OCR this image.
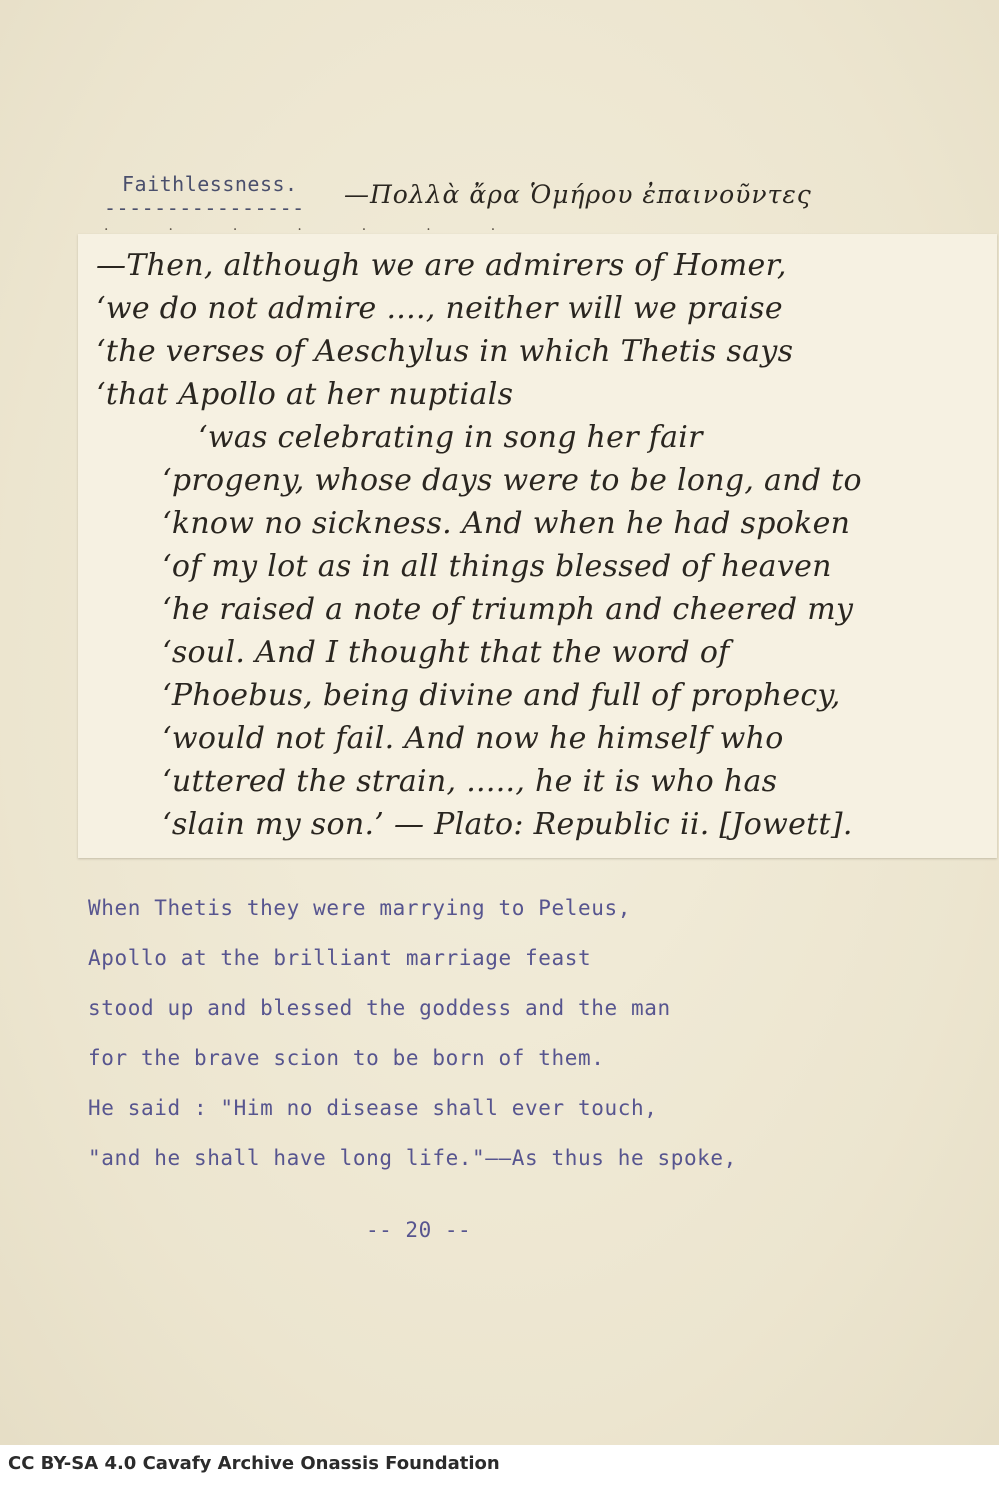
Faithlessness.
---------------- —Πολλὰ ἄρα Ὁμήρου ἐπαινοῦντες
·······
—Then, although we are admirers of Homer,
‘we do not admire ...., neither will we praise
‘the verses of Aeschylus in which Thetis says
‘that Apollo at her nuptials
‘was celebrating in song her fair
‘progeny, whose days were to be long, and to
‘know no sickness. And when he had spoken
‘of my lot as in all things blessed of heaven
‘he raised a note of triumph and cheered my
‘soul. And I thought that the word of
‘Phoebus, being divine and full of prophecy,
‘would not fail. And now he himself who
‘uttered the strain, ....., he it is who has
‘slain my son.’ — Plato: Republic ii. [Jowett].
When Thetis they were marrying to Peleus,
Apollo at the brilliant marriage feast
stood up and blessed the goddess and the man
for the brave scion to be born of them.
He said : "Him no disease shall ever touch,
"and he shall have long life."——As thus he spoke,
-- 20 --
CC BY-SA 4.0 Cavafy Archive Onassis Foundation
